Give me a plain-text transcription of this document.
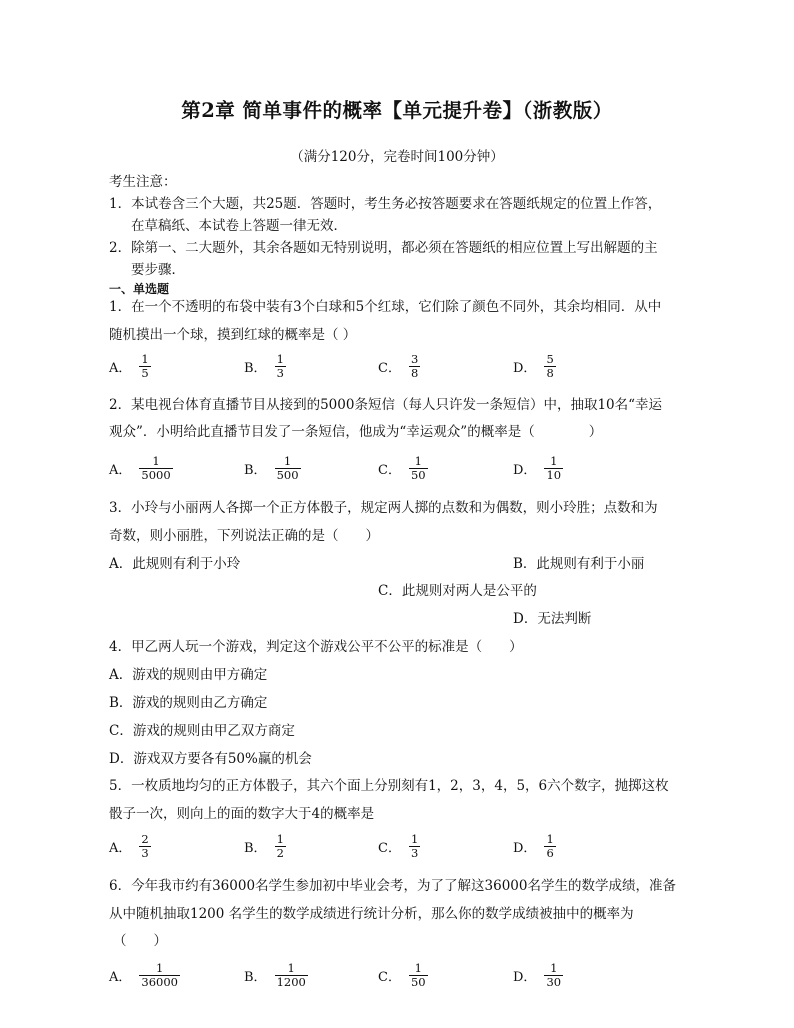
第2章 简单事件的概率【单元提升卷】（浙教版）
（满分120分，完卷时间100分钟）
考生注意：
1．本试卷含三个大题，共25题．答题时，考生务必按答题要求在答题纸规定的位置上作答，
在草稿纸、本试卷上答题一律无效．
2．除第一、二大题外，其余各题如无特别说明，都必须在答题纸的相应位置上写出解题的主
要步骤．
一、单选题
1．在一个不透明的布袋中装有3个白球和5个红球，它们除了颜色不同外，其余均相同．从中
随机摸出一个球，摸到红球的概率是（ ）
A． $\frac{1}{5}$	B． $\frac{1}{3}$	C． $\frac{3}{8}$	D． $\frac{5}{8}$
2．某电视台体育直播节目从接到的5000条短信（每人只许发一条短信）中，抽取10名“幸运
观众”．小明给此直播节目发了一条短信，他成为“幸运观众”的概率是（　　　　）
A． $\frac{1}{5000}$	B． $\frac{1}{500}$	C． $\frac{1}{50}$	D． $\frac{1}{10}$
3．小玲与小丽两人各掷一个正方体骰子，规定两人掷的点数和为偶数，则小玲胜；点数和为
奇数，则小丽胜，下列说法正确的是（　　）
A．此规则有利于小玲	B．此规则有利于小丽
C．此规则对两人是公平的
D．无法判断
4．甲乙两人玩一个游戏，判定这个游戏公平不公平的标准是（　　）
A．游戏的规则由甲方确定
B．游戏的规则由乙方确定
C．游戏的规则由甲乙双方商定
D．游戏双方要各有50%赢的机会
5．一枚质地均匀的正方体骰子，其六个面上分别刻有1，2，3，4，5，6六个数字，抛掷这枚
骰子一次，则向上的面的数字大于4的概率是
A． $\frac{2}{3}$	B． $\frac{1}{2}$	C． $\frac{1}{3}$	D． $\frac{1}{6}$
6．今年我市约有36000名学生参加初中毕业会考，为了了解这36000名学生的数学成绩，准备
从中随机抽取1200 名学生的数学成绩进行统计分析，那么你的数学成绩被抽中的概率为
（　　）
A． $\frac{1}{36000}$	B． $\frac{1}{1200}$	C． $\frac{1}{50}$	D． $\frac{1}{30}$
